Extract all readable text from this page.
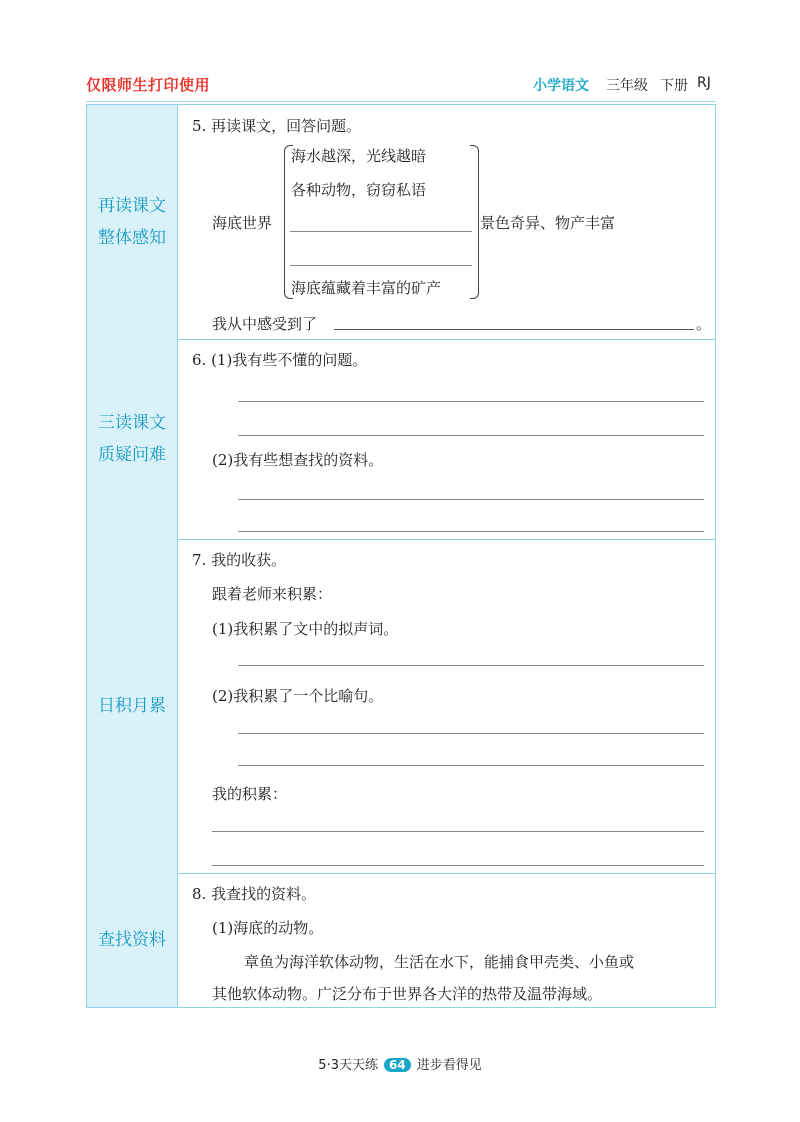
仅限师生打印使用	小学语文 三年级 下册 RJ
再读课文
整体感知
5. 再读课文，回答问题。
海底世界
海水越深，光线越暗
各种动物，窃窃私语
海底蕴藏着丰富的矿产
景色奇异、物产丰富
我从中感受到了	。
三读课文
质疑问难
6. (1)我有些不懂的问题。
(2)我有些想查找的资料。
日积月累
7. 我的收获。
跟着老师来积累：
(1)我积累了文中的拟声词。
(2)我积累了一个比喻句。
我的积累：
查找资料
8. 我查找的资料。
(1)海底的动物。
章鱼为海洋软体动物，生活在水下，能捕食甲壳类、小鱼或
其他软体动物。广泛分布于世界各大洋的热带及温带海域。
5·3天天练 64 进步看得见
